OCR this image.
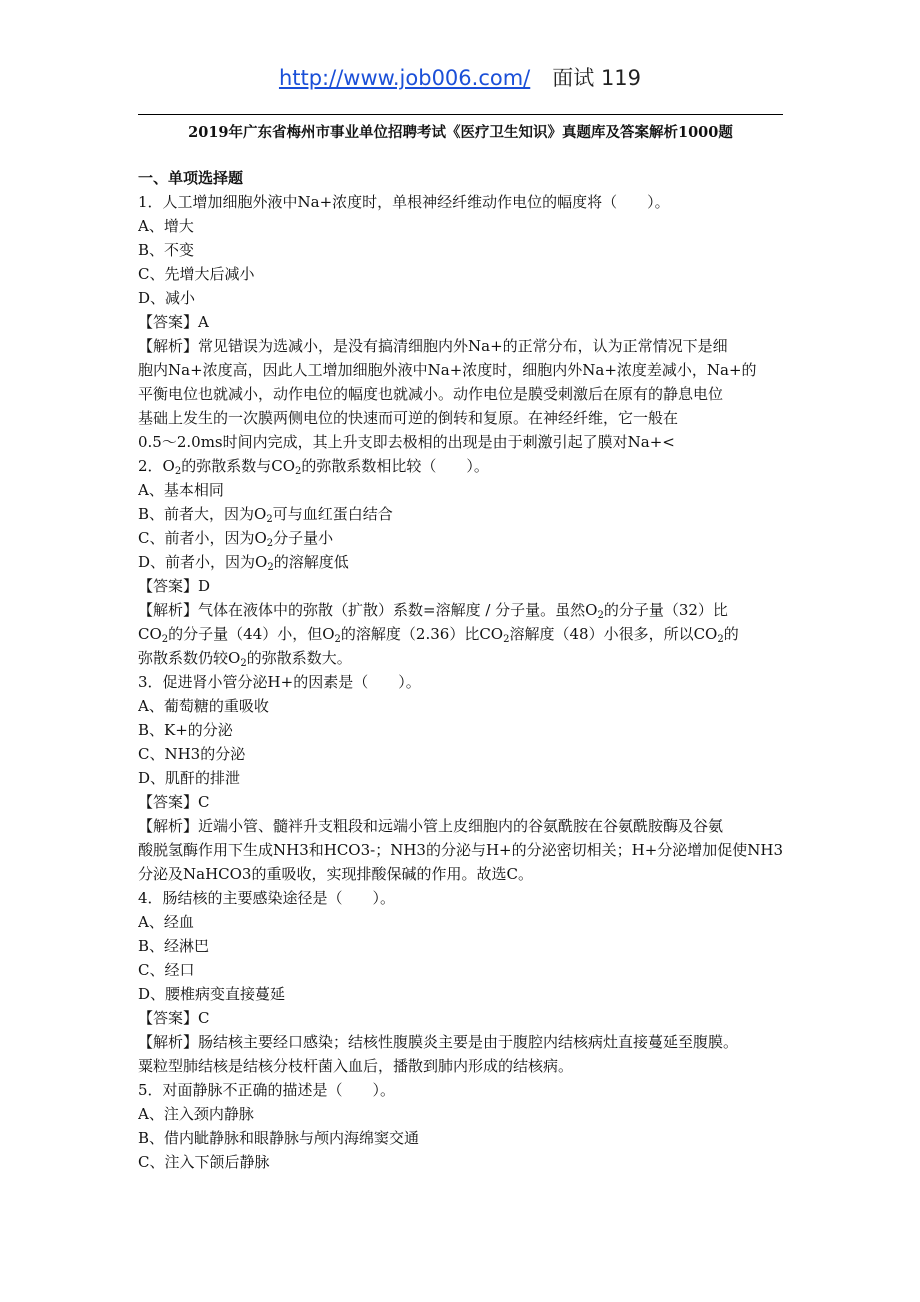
http://www.job006.com/ 面试 119
2019年广东省梅州市事业单位招聘考试《医疗卫生知识》真题库及答案解析1000题
一、单项选择题
1．人工增加细胞外液中Na+浓度时，单根神经纤维动作电位的幅度将（　　）。
A、增大
B、不变
C、先增大后减小
D、减小
【答案】A
【解析】常见错误为选减小，是没有搞清细胞内外Na+的正常分布，认为正常情况下是细
胞内Na+浓度高，因此人工增加细胞外液中Na+浓度时，细胞内外Na+浓度差减小，Na+的
平衡电位也就减小，动作电位的幅度也就减小。动作电位是膜受刺激后在原有的静息电位
基础上发生的一次膜两侧电位的快速而可逆的倒转和复原。在神经纤维，它一般在
0.5～2.0ms时间内完成，其上升支即去极相的出现是由于刺激引起了膜对Na+<
2．$O_2$的弥散系数与$CO_2$的弥散系数相比较（　　）。
A、基本相同
B、前者大，因为$O_2$可与血红蛋白结合
C、前者小，因为$O_2$分子量小
D、前者小，因为$O_2$的溶解度低
【答案】D
【解析】气体在液体中的弥散（扩散）系数=溶解度 / 分子量。虽然$O_2$的分子量（32）比
$CO_2$的分子量（44）小，但$O_2$的溶解度（2.36）比$CO_2$溶解度（48）小很多，所以$CO_2$的
弥散系数仍较$O_2$的弥散系数大。
3．促进肾小管分泌H+的因素是（　　）。
A、葡萄糖的重吸收
B、K+的分泌
C、NH3的分泌
D、肌酐的排泄
【答案】C
【解析】近端小管、髓袢升支粗段和远端小管上皮细胞内的谷氨酰胺在谷氨酰胺酶及谷氨
酸脱氢酶作用下生成NH3和HCO3-；NH3的分泌与H+的分泌密切相关；H+分泌增加促使NH3
分泌及NaHCO3的重吸收，实现排酸保碱的作用。故选C。
4．肠结核的主要感染途径是（　　）。
A、经血
B、经淋巴
C、经口
D、腰椎病变直接蔓延
【答案】C
【解析】肠结核主要经口感染；结核性腹膜炎主要是由于腹腔内结核病灶直接蔓延至腹膜。
粟粒型肺结核是结核分枝杆菌入血后，播散到肺内形成的结核病。
5．对面静脉不正确的描述是（　　）。
A、注入颈内静脉
B、借内眦静脉和眼静脉与颅内海绵窦交通
C、注入下颌后静脉
